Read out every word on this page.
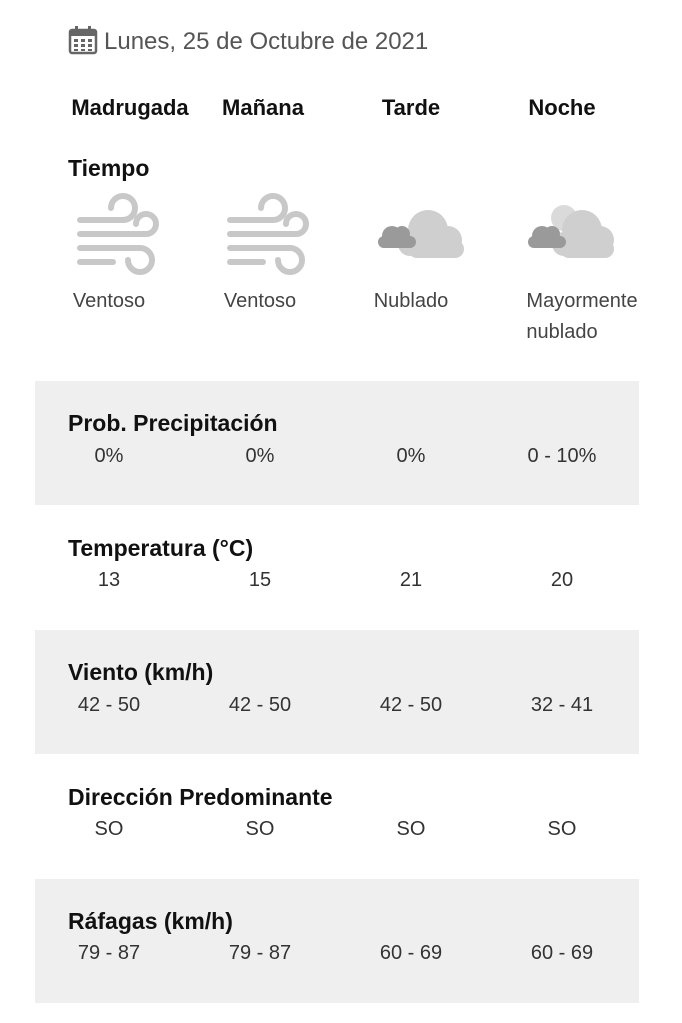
Lunes, 25 de Octubre de 2021
Madrugada	Mañana	Tarde	Noche
Tiempo
Ventoso	Ventoso	Nublado	Mayormente
nublado
Prob. Precipitación
0%	0%	0%	0 - 10%
Temperatura (°C)
13	15	21	20
Viento (km/h)
42 - 50	42 - 50	42 - 50	32 - 41
Dirección Predominante
SO	SO	SO	SO
Ráfagas (km/h)
79 - 87	79 - 87	60 - 69	60 - 69
